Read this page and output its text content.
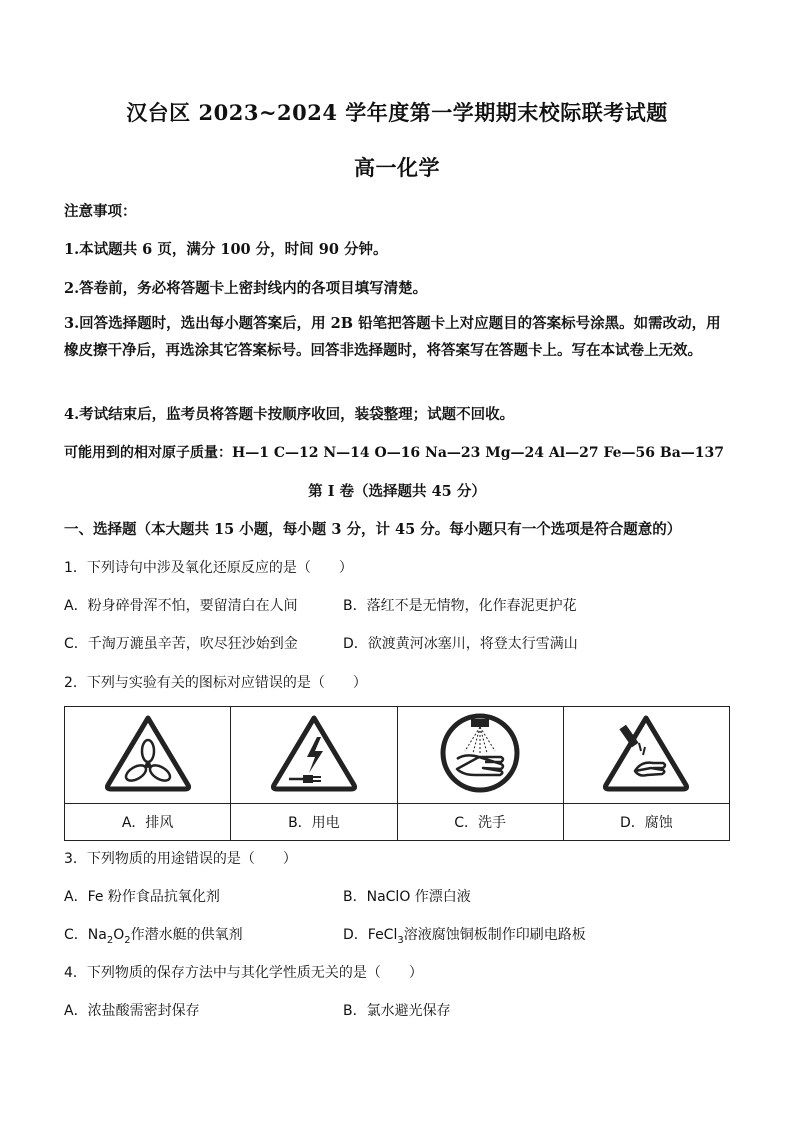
汉台区 2023~2024 学年度第一学期期末校际联考试题
高一化学
注意事项：
1.本试题共 6 页，满分 100 分，时间 90 分钟。
2.答卷前，务必将答题卡上密封线内的各项目填写清楚。
3.回答选择题时，选出每小题答案后，用 2B 铅笔把答题卡上对应题目的答案标号涂黑。如需改动，用橡皮擦干净后，再选涂其它答案标号。回答非选择题时，将答案写在答题卡上。写在本试卷上无效。
4.考试结束后，监考员将答题卡按顺序收回，装袋整理；试题不回收。
可能用到的相对原子质量：H—1 C—12 N—14 O—16 Na—23 Mg—24 Al—27 Fe—56 Ba—137
第 I 卷（选择题共 45 分）
一、选择题（本大题共 15 小题，每小题 3 分，计 45 分。每小题只有一个选项是符合题意的）
1．下列诗句中涉及氧化还原反应的是（　　）
A．粉身碎骨浑不怕，要留清白在人间	B．落红不是无情物，化作春泥更护花
C．千淘万漉虽辛苦，吹尽狂沙始到金	D．欲渡黄河冰塞川，将登太行雪满山
2．下列与实验有关的图标对应错误的是（　　）

A．排风	B．用电	C．洗手	D．腐蚀
3．下列物质的用途错误的是（　　）
A．Fe 粉作食品抗氧化剂	B．NaClO 作漂白液
C．$Na_2O_2$作潜水艇的供氧剂	D．FeCl$_3$溶液腐蚀铜板制作印刷电路板
4．下列物质的保存方法中与其化学性质无关的是（　　）
A．浓盐酸需密封保存	B．氯水避光保存
